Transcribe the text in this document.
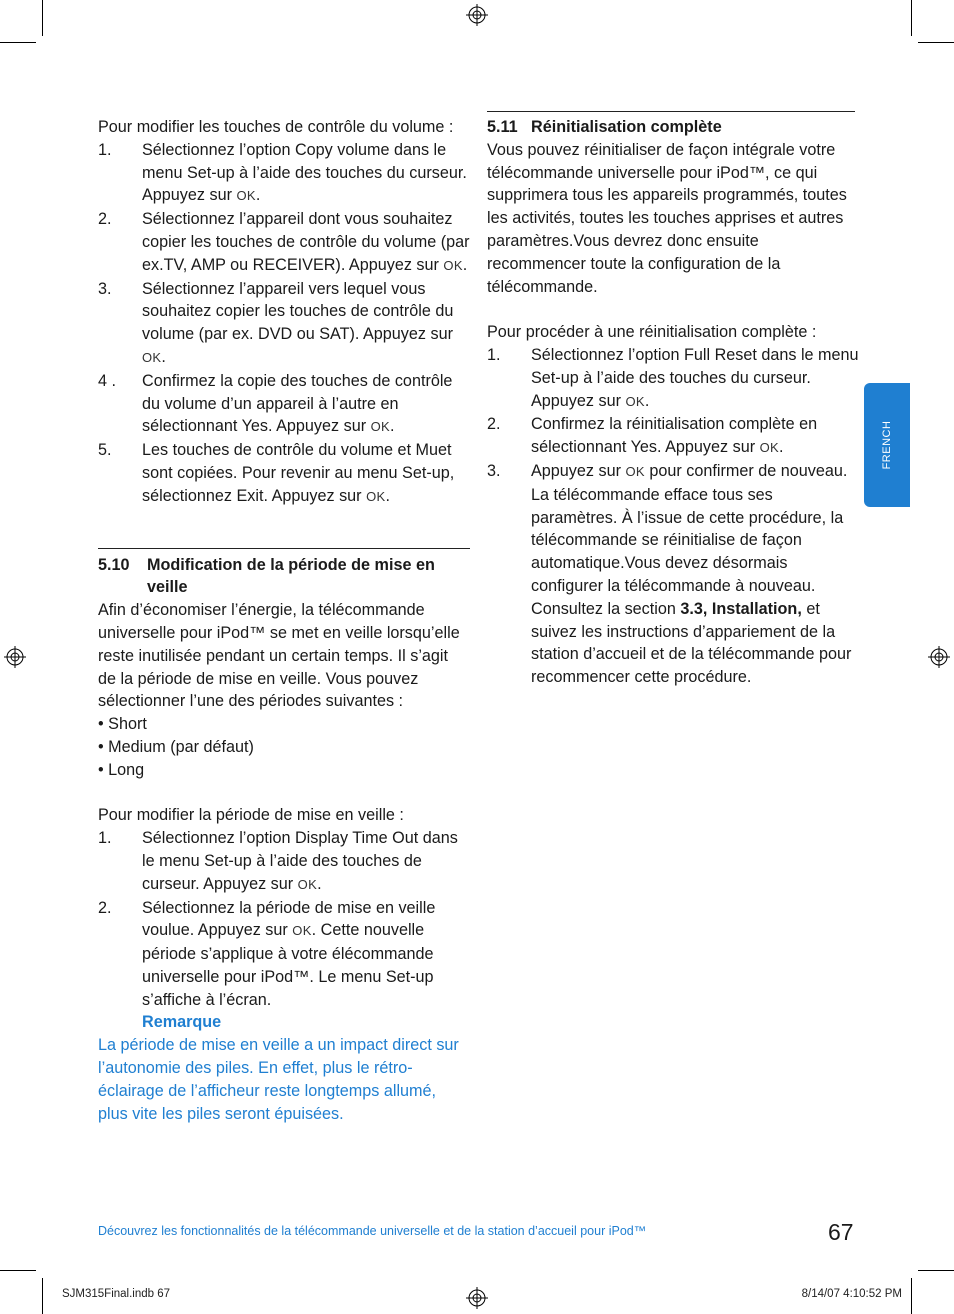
Pour modifier les touches de contrôle du volume :

1.	Sélectionnez l’option Copy volume dans le menu Set-up à l’aide des touches du curseur. Appuyez sur OK.
2.	Sélectionnez l’appareil dont vous souhaitez copier les touches de contrôle du volume (par ex.TV, AMP ou RECEIVER). Appuyez sur OK.
3.	Sélectionnez l’appareil vers lequel vous souhaitez copier les touches de contrôle du volume (par ex. DVD ou SAT). Appuyez sur OK.
4 .	Confirmez la copie des touches de contrôle du volume d’un appareil à l’autre en sélectionnant Yes. Appuyez sur OK.
5.	Les touches de contrôle du volume et Muet sont copiées. Pour revenir au menu Set-up, sélectionnez Exit. Appuyez sur OK.
5.10	Modification de la période de mise en veille

Afin d’économiser l’énergie, la télécommande universelle pour iPod™ se met en veille lorsqu’elle reste inutilisée pendant un certain temps. Il s’agit de la période de mise en veille. Vous pouvez sélectionner l’une des périodes suivantes :

• Short
• Medium (par défaut)
• Long

Pour modifier la période de mise en veille :

1.	Sélectionnez l’option Display Time Out dans le menu Set-up à l’aide des touches de curseur. Appuyez sur OK.
2.	Sélectionnez la période de mise en veille voulue. Appuyez sur OK. Cette nouvelle période s’applique à votre élécommande universelle pour iPod™. Le menu Set-up s’affiche à l’écran.
Remarque

La période de mise en veille a un impact direct sur l’autonomie des piles. En effet, plus le rétro-éclairage de l’afficheur reste longtemps allumé, plus vite les piles seront épuisées.

5.11 Réinitialisation complète

Vous pouvez réinitialiser de façon intégrale votre télécommande universelle pour iPod™, ce qui supprimera tous les appareils programmés, toutes les activités, toutes les touches apprises et autres paramètres.Vous devrez donc ensuite recommencer toute la configuration de la télécommande.

Pour procéder à une réinitialisation complète :

1.	Sélectionnez l’option Full Reset dans le menu Set-up à l’aide des touches du curseur. Appuyez sur OK.
2.	Confirmez la réinitialisation complète en sélectionnant Yes. Appuyez sur OK.
3.	Appuyez sur OK pour confirmer de nouveau. La télécommande efface tous ses paramètres. À l’issue de cette procédure, la télécommande se réinitialise de façon automatique.Vous devez désormais configurer la télécommande à nouveau. Consultez la section 3.3, Installation, et suivez les instructions d’appariement de la station d’accueil et de la télécommande pour recommencer cette procédure.
FRENCH
Découvrez les fonctionnalités de la télécommande universelle et de la station d’accueil pour iPod™	67
SJM315Final.indb 67	8/14/07 4:10:52 PM
